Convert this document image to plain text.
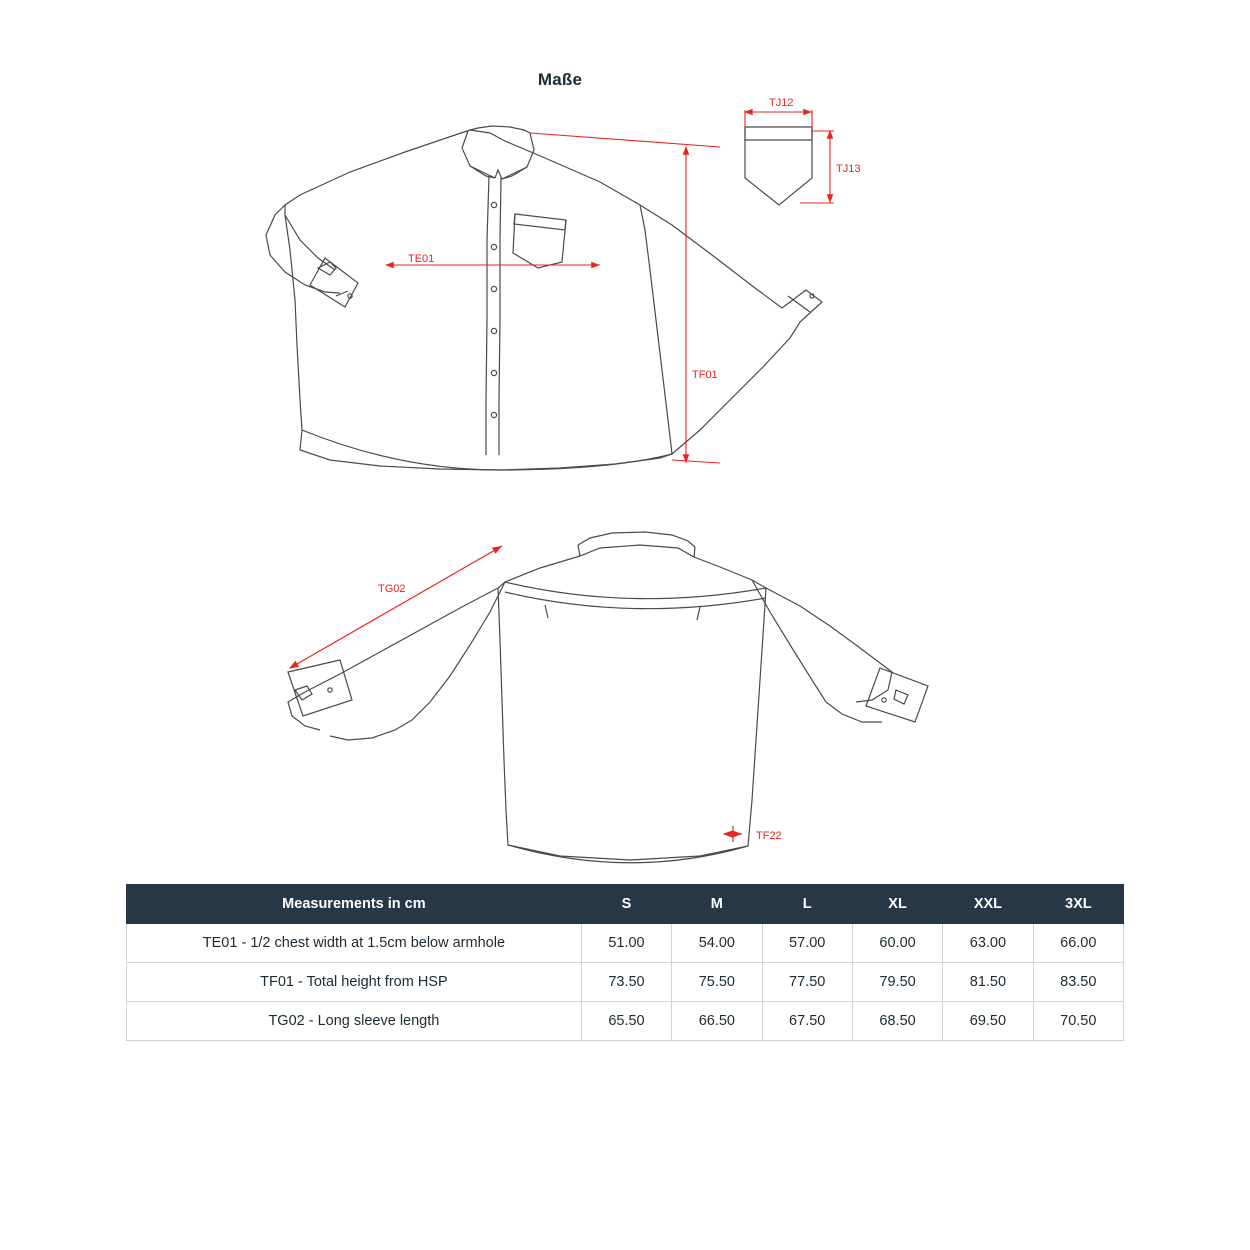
Maße
TE01
TF01
TJ12
TJ13
TG02
TF22
Measurements in cm	S	M	L	XL	XXL	3XL
TE01 - 1/2 chest width at 1.5cm below armhole	51.00	54.00	57.00	60.00	63.00	66.00
TF01 - Total height from HSP	73.50	75.50	77.50	79.50	81.50	83.50
TG02 - Long sleeve length	65.50	66.50	67.50	68.50	69.50	70.50
